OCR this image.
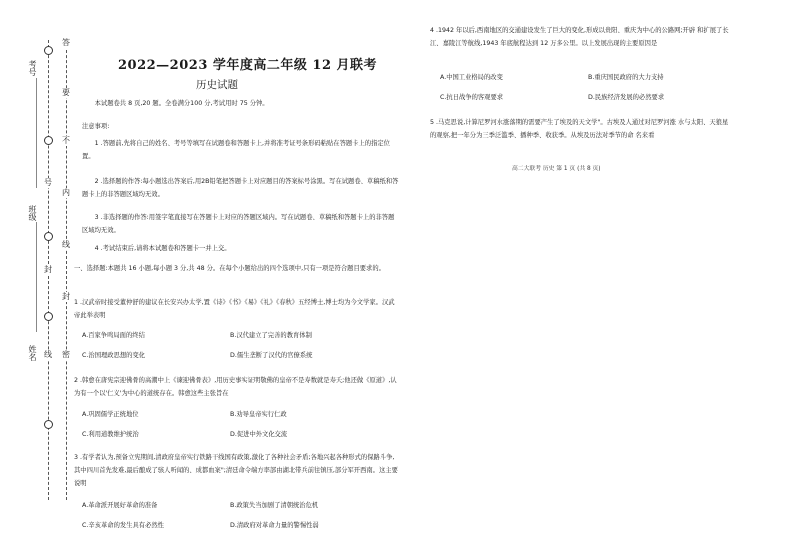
考号
班级
姓名
答
要
不
内
线
封
密
号
封
线
2022—2023 学年度高二年级 12 月联考
历史试题
本试题卷共 8 页,20 题。全卷满分100 分,考试用时 75 分钟。
注意事项:
1 .答题前,先将自己的姓名、考号等填写在试题卷和答题卡上,并将准考证号条形码粘贴在答题卡上的指定位置。
2 .选择题的作答:每小题选出答案后,用2B铅笔把答题卡上对应题目的答案标号涂黑。写在试题卷、草稿纸和答题卡上的非答题区域均无效。
3 .非选择题的作答:用签字笔直接写在答题卡上对应的答题区域内。写在试题卷、草稿纸和答题卡上的非答题区域均无效。
4 .考试结束后,请将本试题卷和答题卡一并上交。
一、选择题:本题共 16 小题,每小题 3 分,共 48 分。在每个小题给出的四个选项中,只有一项是符合题目要求的。
1 .汉武帝时接受董仲舒的建议在长安兴办太学,置《诗》《书》《易》《礼》《春秋》五经博士,博士均为今文学家。汉武帝此举表明
A.百家争鸣局面的终结	B.汉代建立了完善的教育体制
C.治国理政思想的变化	D.儒生垄断了汉代的官僚系统
2 .韩愈在唐宪宗迎佛骨的高潮中上《谏迎佛骨表》,用历史事实证明敬佛的皇帝不是寿数就是寿夭;他还做《原道》,认为有一个以'仁义'为中心的道统存在。韩愈这些主张旨在
A.巩固儒学正统地位	B.劝导皇帝实行仁政
C.利用道教维护统治	D.促进中外文化交流
3 .有学者认为,预备立宪期间,清政府皇帝实行铁路干线国有政策,激化了各种社会矛盾;各地兴起各种形式的保路斗争,其中四川首先发难,最后酿成了骇人听闻的、成都血案";清廷命令端方率部由湖北带兵前往镇压,部分军开西南。这主要说明
A.革命派开展好革命的准备	B.政策失当加剧了清朝统治危机
C.辛亥革命的发生具有必然性	D.清政府对革命力量的警惕性弱
4 .1942 年以后,西南地区的交通建设发生了巨大的变化,形成以贵阳、重庆为中心的公路网;开辟 和扩展了长江、嘉陵江等航线,1943 年底航程达到 12 万多公里。以上发展出现的主要原因是
A.中国工业格局的改变	B.重庆国民政府的大力支持
C.抗日战争的客观要求	D.民族经济发展的必然要求
5 .马克思说,计算尼罗河水涨落期的需要产生了埃及的天文学"。古埃及人通过对尼罗河涨 水与太阳、天狼星的观察,把一年分为三季泛滥季、播种季、收获季。从埃及历法对季节的命 名来看
高二大联考 历史 第 1 页 (共 8 页)
